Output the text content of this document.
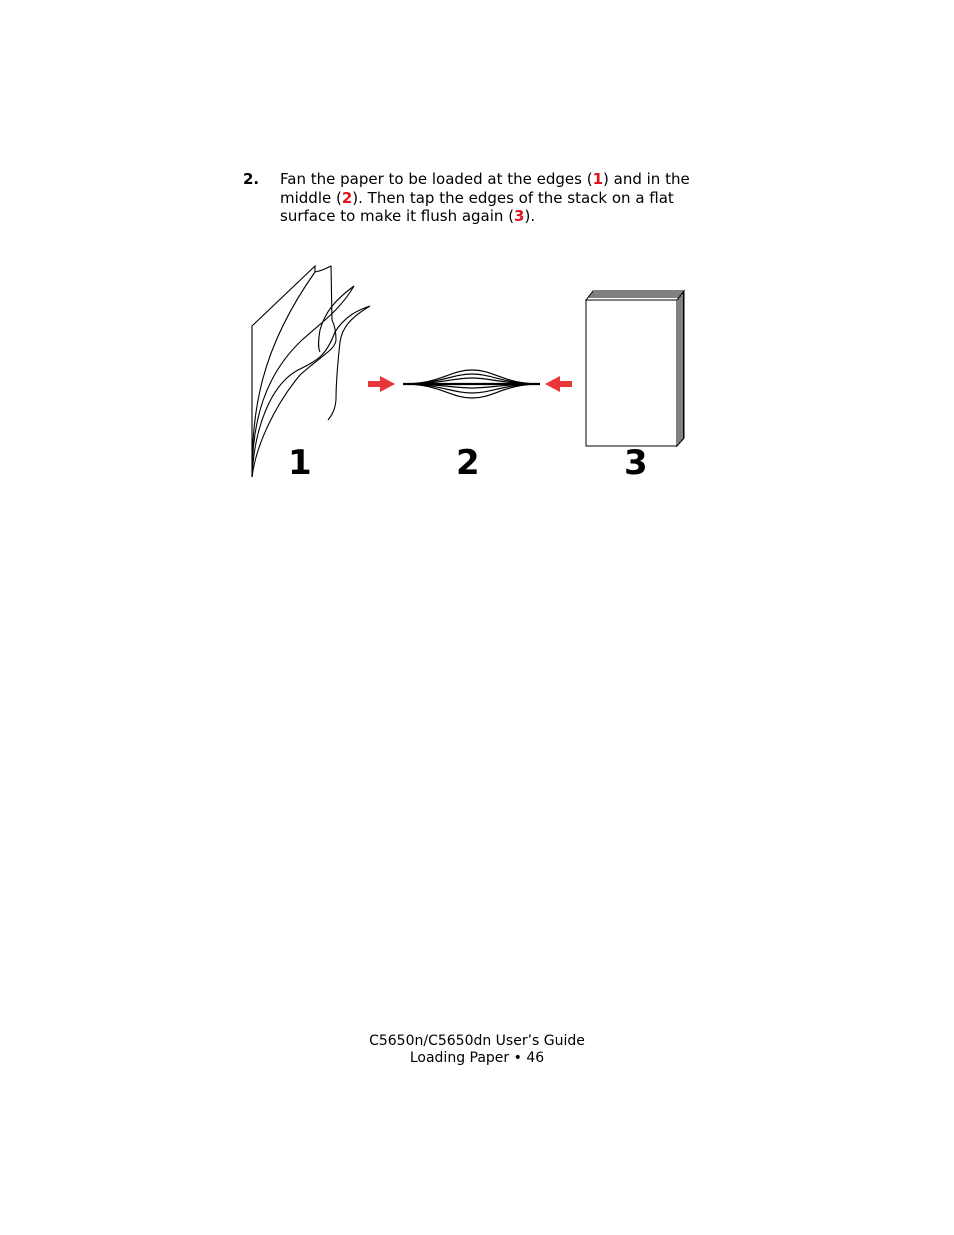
2. Fan the paper to be loaded at the edges (1) and in the middle (2). Then tap the edges of the stack on a flat surface to make it flush again (3).
1	2	3
C5650n/C5650dn User’s Guide
Loading Paper • 46
